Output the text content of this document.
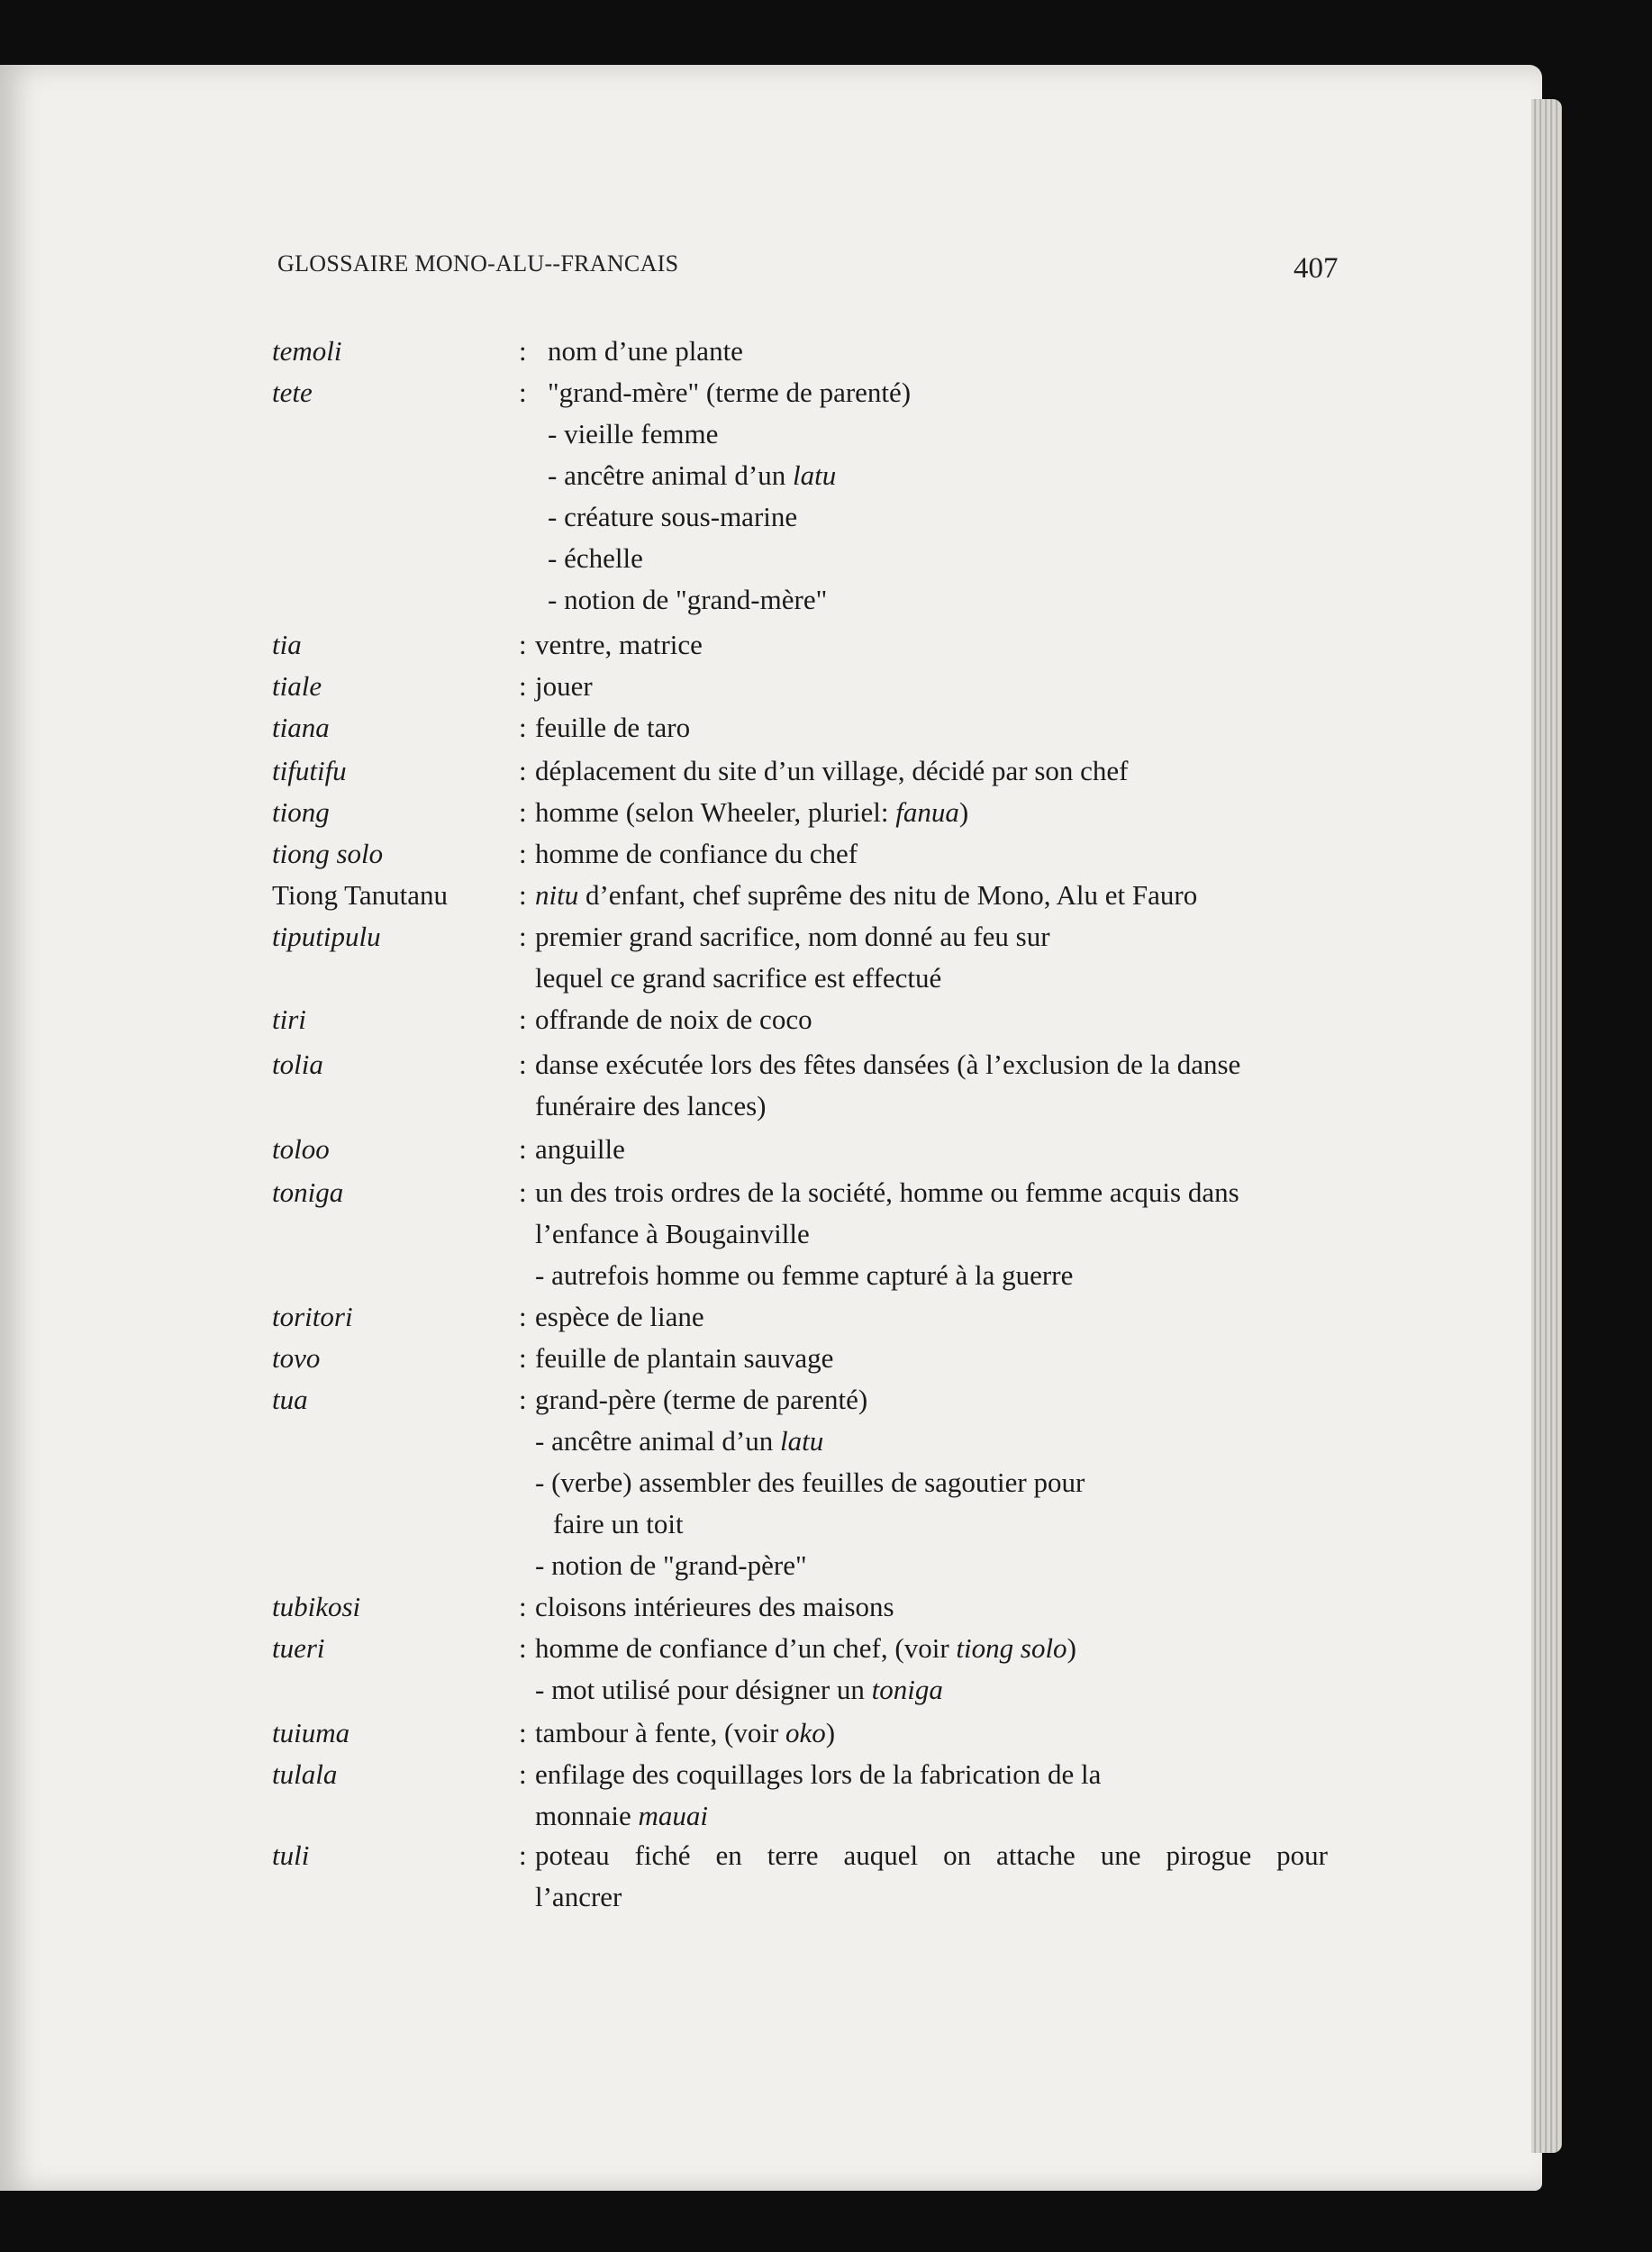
GLOSSAIRE MONO-ALU--FRANCAIS	407
temoli	: nom d’une plante
tete	: "grand-mère" (terme de parenté)
- vieille femme
- ancêtre animal d’un latu
- créature sous-marine
- échelle
- notion de "grand-mère"
tia	: ventre, matrice
tiale	: jouer
tiana	: feuille de taro
tifutifu	: déplacement du site d’un village, décidé par son chef
tiong	: homme (selon Wheeler, pluriel: fanua)
tiong solo	: homme de confiance du chef
Tiong Tanutanu	: nitu d’enfant, chef suprême des nitu de Mono, Alu et Fauro
tiputipulu	: premier grand sacrifice, nom donné au feu sur
lequel ce grand sacrifice est effectué
tiri	: offrande de noix de coco
tolia	: danse exécutée lors des fêtes dansées (à l’exclusion de la danse
funéraire des lances)
toloo	: anguille
toniga	: un des trois ordres de la société, homme ou femme acquis dans
l’enfance à Bougainville
- autrefois homme ou femme capturé à la guerre
toritori	: espèce de liane
tovo	: feuille de plantain sauvage
tua	: grand-père (terme de parenté)
- ancêtre animal d’un latu
- (verbe) assembler des feuilles de sagoutier pour
faire un toit
- notion de "grand-père"
tubikosi	: cloisons intérieures des maisons
tueri	: homme de confiance d’un chef, (voir tiong solo)
- mot utilisé pour désigner un toniga
tuiuma	: tambour à fente, (voir oko)
tulala	: enfilage des coquillages lors de la fabrication de la
monnaie mauai
tuli	: poteau fiché en terre auquel on attache une pirogue pour
l’ancrer
